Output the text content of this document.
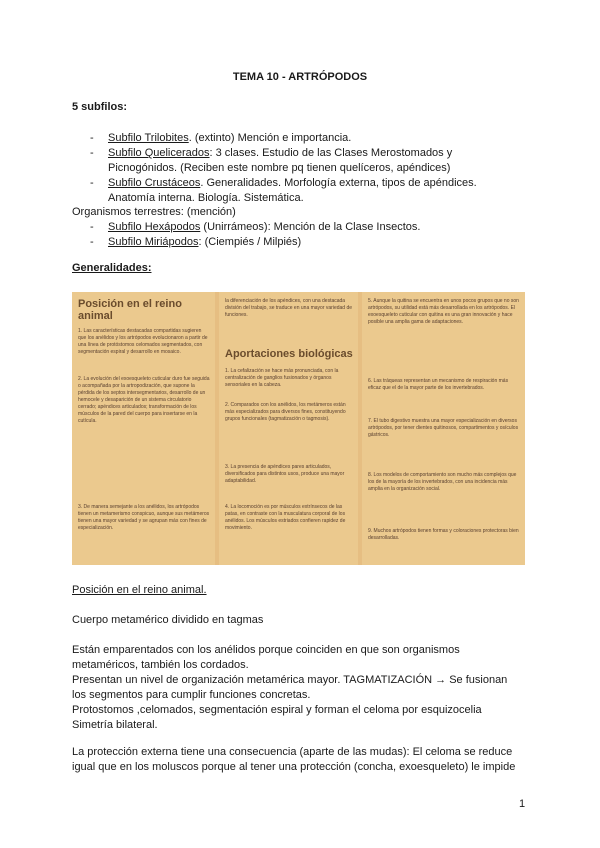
TEMA 10 - ARTRÓPODOS
5 subfilos:
- Subfilo Trilobites. (extinto) Mención e importancia.
- Subfilo Quelicerados: 3 clases. Estudio de las Clases Merostomados y
Picnogónidos. (Reciben este nombre pq tienen quelíceros, apéndices)
- Subfilo Crustáceos. Generalidades. Morfología externa, tipos de apéndices.
Anatomía interna. Biología. Sistemática.
Organismos terrestres: (mención)
- Subfilo Hexápodos (Unirrámeos): Mención de la Clase Insectos.
- Subfilo Miriápodos: (Ciempiés / Milpiés)
Generalidades:
Posición en el reino animal
1. Las características destacadas compartidas sugieren que los anélidos y los artrópodos evolucionaron a partir de una línea de protóstomos celomados segmentados, con segmentación espiral y desarrollo en mosaico.
2. La evolución del exoesqueleto cuticular duro fue seguida o acompañada por la artropodización, que supone la pérdida de los septos intersegmentarios, desarrollo de un hemocele y desaparición de un sistema circulatorio cerrado; apéndices articulados; transformación de los músculos de la pared del cuerpo para insertarse en la cutícula.
3. De manera semejante a los anélidos, los artrópodos tienen un metamerismo conspicuo, aunque sus metámeros tienen una mayor variedad y se agrupan más con fines de especialización.
la diferenciación de los apéndices, con una destacada división del trabajo, se traduce en una mayor variedad de funciones.
Aportaciones biológicas
1. La cefalización se hace más pronunciada, con la centralización de ganglios fusionados y órganos sensoriales en la cabeza.
2. Comparados con los anélidos, los metámeros están más especializados para diversos fines, constituyendo grupos funcionales (tagmatización o tagmosis).
3. La presencia de apéndices pares articulados, diversificados para distintos usos, produce una mayor adaptabilidad.
4. La locomoción es por músculos extrínsecos de las patas, en contraste con la musculatura corporal de los anélidos. Los músculos estriados confieren rapidez de movimiento.
5. Aunque la quitina se encuentra en unos pocos grupos que no son artrópodos, su utilidad está más desarrollada en los artrópodos. El exoesqueleto cuticular con quitina es una gran innovación y hace posible una amplia gama de adaptaciones.
6. Las tráqueas representan un mecanismo de respiración más eficaz que el de la mayor parte de los invertebrados.
7. El tubo digestivo muestra una mayor especialización en diversos artrópodos, por tener dientes quitinosos, compartimentos y osículos gástricos.
8. Los modelos de comportamiento son mucho más complejos que los de la mayoría de los invertebrados, con una incidencia más amplia en la organización social.
9. Muchos artrópodos tienen formas y coloraciones protectoras bien desarrolladas.
Posición en el reino animal.
Cuerpo metamérico dividido en tagmas
Están emparentados con los anélidos porque coinciden en que son organismos
metaméricos, también los cordados.
Presentan un nivel de organización metamérica mayor. TAGMATIZACIÓN → Se fusionan
los segmentos para cumplir funciones concretas.
Protostomos ,celomados, segmentación espiral y forman el celoma por esquizocelia
Simetría bilateral.
La protección externa tiene una consecuencia (aparte de las mudas): El celoma se reduce
igual que en los moluscos porque al tener una protección (concha, exoesqueleto) le impide
1
